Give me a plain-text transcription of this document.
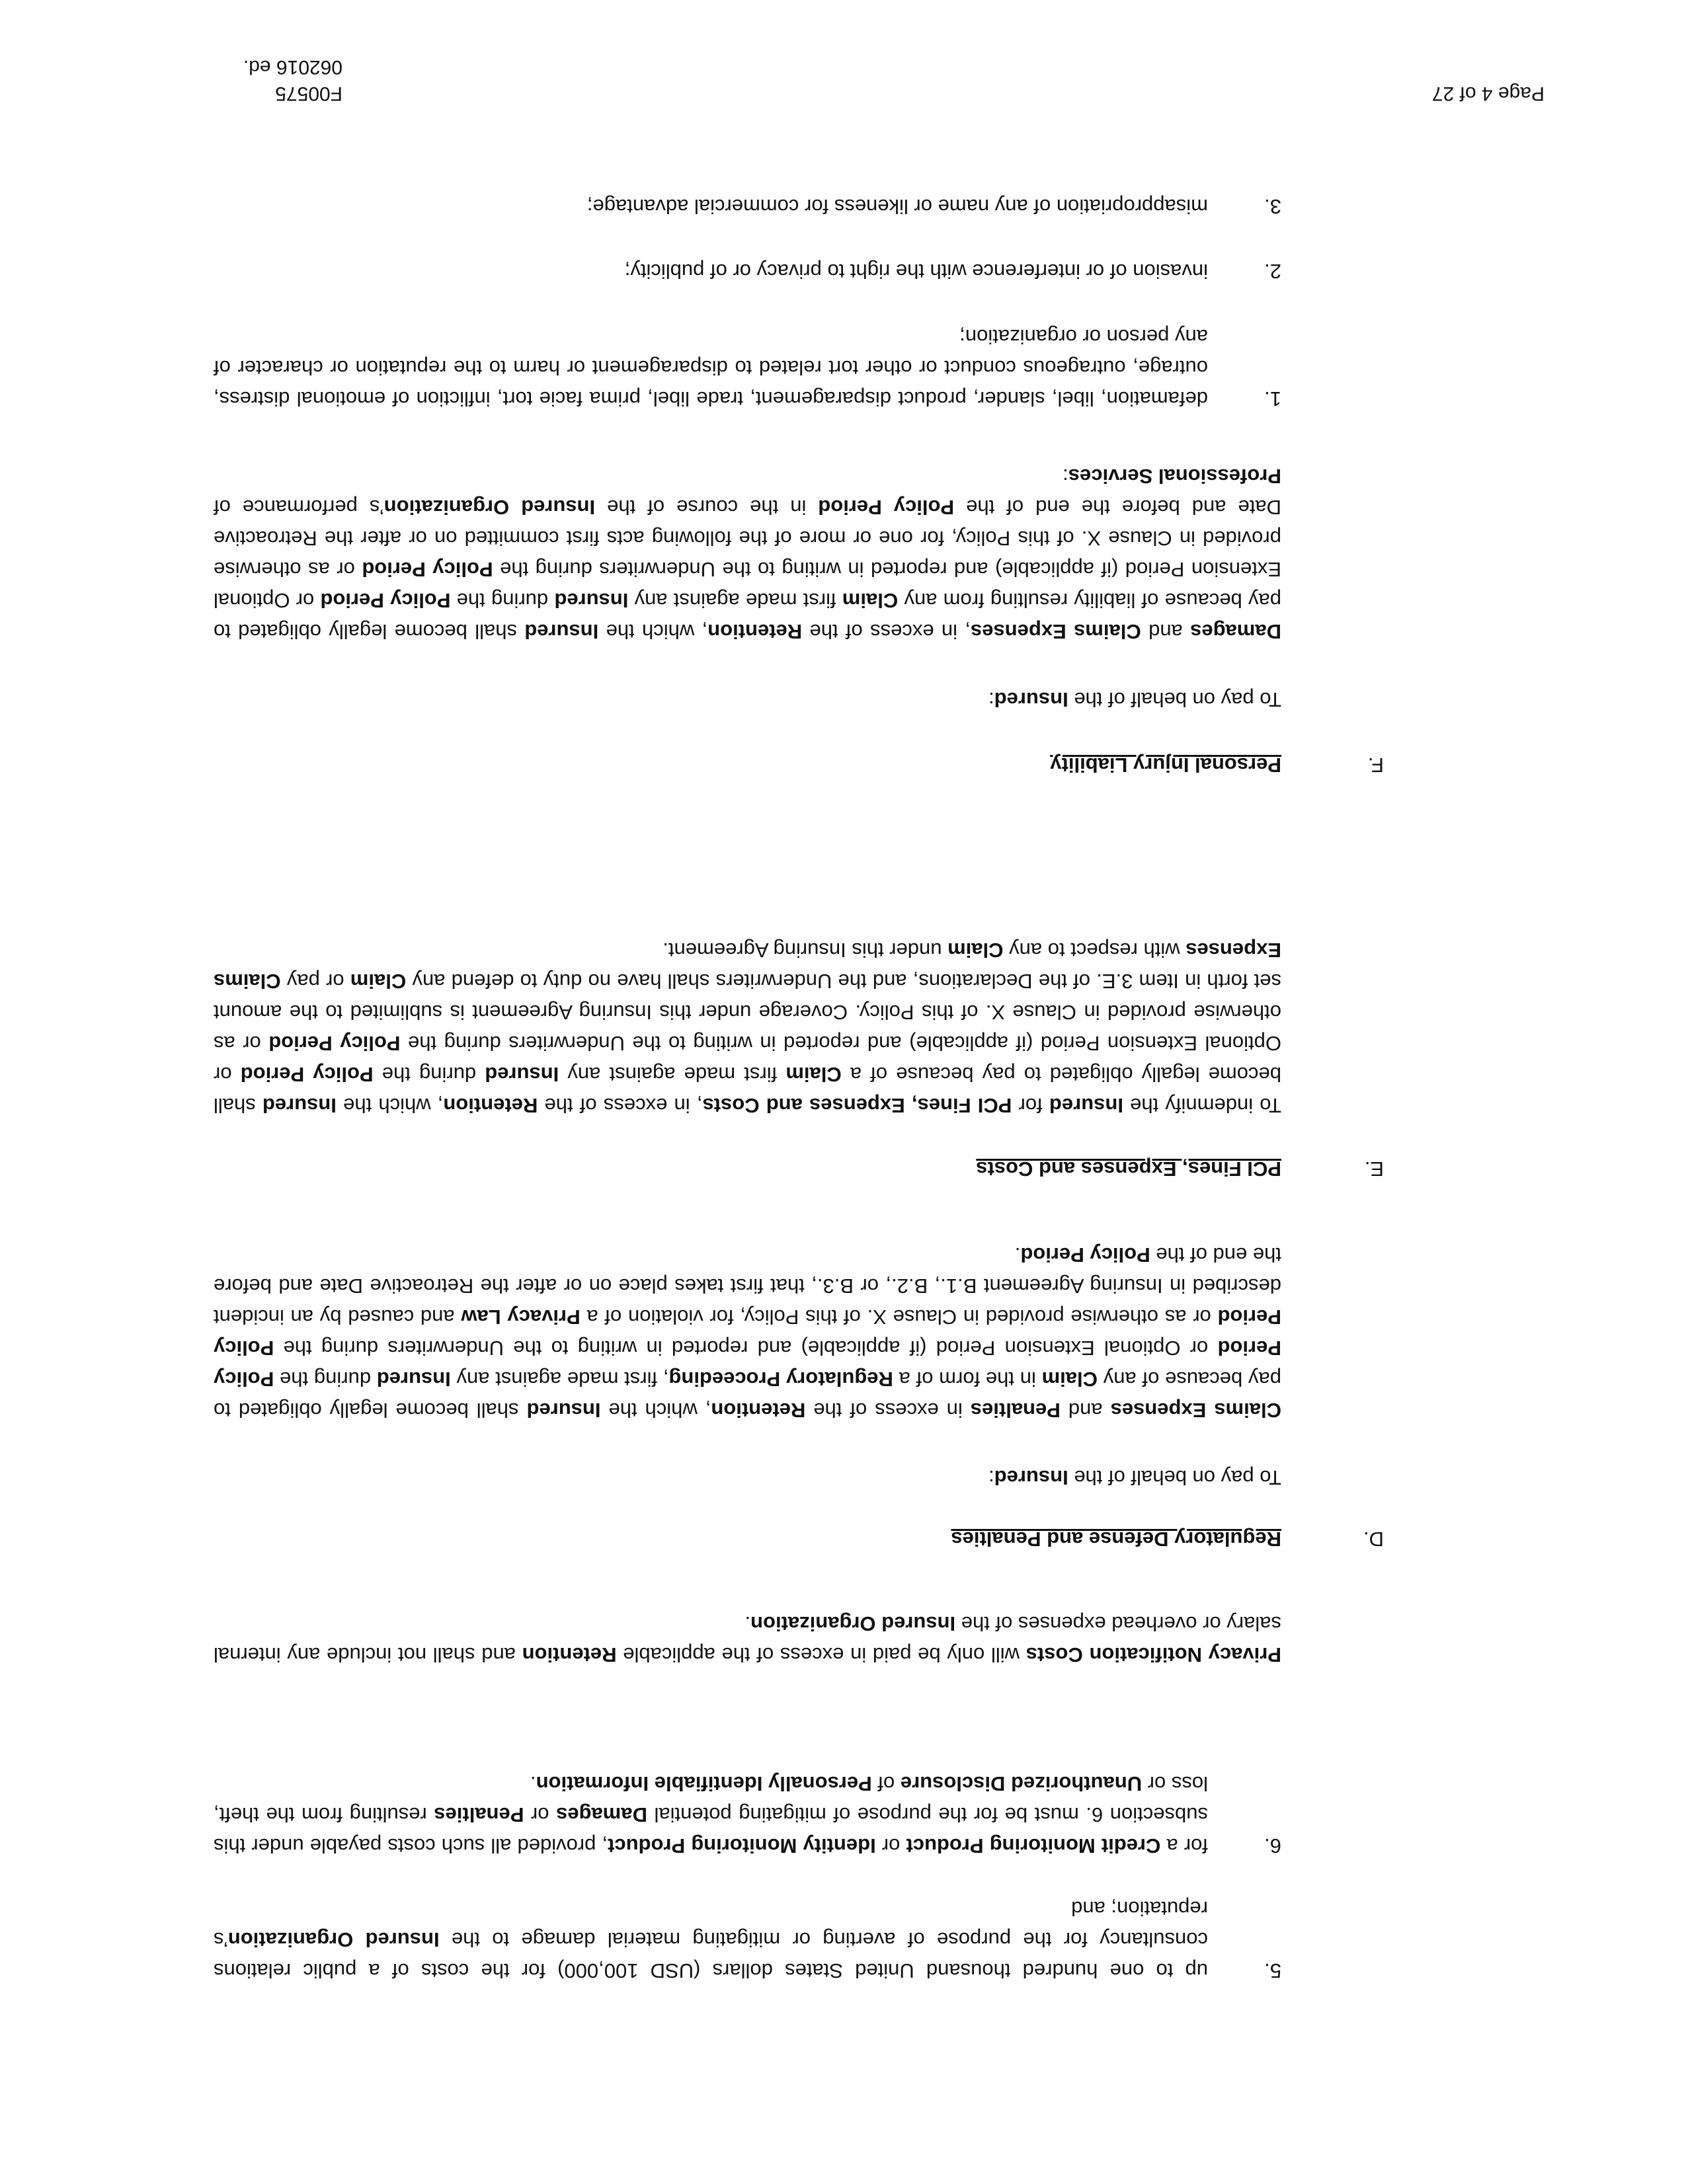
5.

up to one hundred thousand United States dollars (USD 100,000) for the costs of a public relations consultancy for the purpose of averting or mitigating material damage to the Insured Organization’s reputation; and

6.

for a Credit Monitoring Product or Identity Monitoring Product, provided all such costs payable under this subsection 6. must be for the purpose of mitigating potential Damages or Penalties resulting from the theft, loss or Unauthorized Disclosure of Personally Identifiable Information.

Privacy Notification Costs will only be paid in excess of the applicable Retention and shall not include any internal salary or overhead expenses of the Insured Organization.

D.
Regulatory Defense and Penalties

To pay on behalf of the Insured:

Claims Expenses and Penalties in excess of the Retention, which the Insured shall become legally obligated to pay because of any Claim in the form of a Regulatory Proceeding, first made against any Insured during the Policy Period or Optional Extension Period (if applicable) and reported in writing to the Underwriters during the Policy Period or as otherwise provided in Clause X. of this Policy, for violation of a Privacy Law and caused by an incident described in Insuring Agreement B.1., B.2., or B.3., that first takes place on or after the Retroactive Date and before the end of the Policy Period.

E.
PCI Fines, Expenses and Costs

To indemnify the Insured for PCI Fines, Expenses and Costs, in excess of the Retention, which the Insured shall become legally obligated to pay because of a Claim first made against any Insured during the Policy Period or Optional Extension Period (if applicable) and reported in writing to the Underwriters during the Policy Period or as otherwise provided in Clause X. of this Policy. Coverage under this Insuring Agreement is sublimited to the amount set forth in Item 3.E. of the Declarations, and the Underwriters shall have no duty to defend any Claim or pay Claims Expenses with respect to any Claim under this Insuring Agreement.

F.
Personal Injury Liability

To pay on behalf of the Insured:

Damages and Claims Expenses, in excess of the Retention, which the Insured shall become legally obligated to pay because of liability resulting from any Claim first made against any Insured during the Policy Period or Optional Extension Period (if applicable) and reported in writing to the Underwriters during the Policy Period or as otherwise provided in Clause X. of this Policy, for one or more of the following acts first committed on or after the Retroactive Date and before the end of the Policy Period in the course of the Insured Organization’s performance of Professional Services:

1.

defamation, libel, slander, product disparagement, trade libel, prima facie tort, infliction of emotional distress, outrage, outrageous conduct or other tort related to disparagement or harm to the reputation or character of any person or organization;

2.

invasion of or interference with the right to privacy or of publicity;

3.

misappropriation of any name or likeness for commercial advantage;

F00575
062016 ed.
Page 4 of 27
